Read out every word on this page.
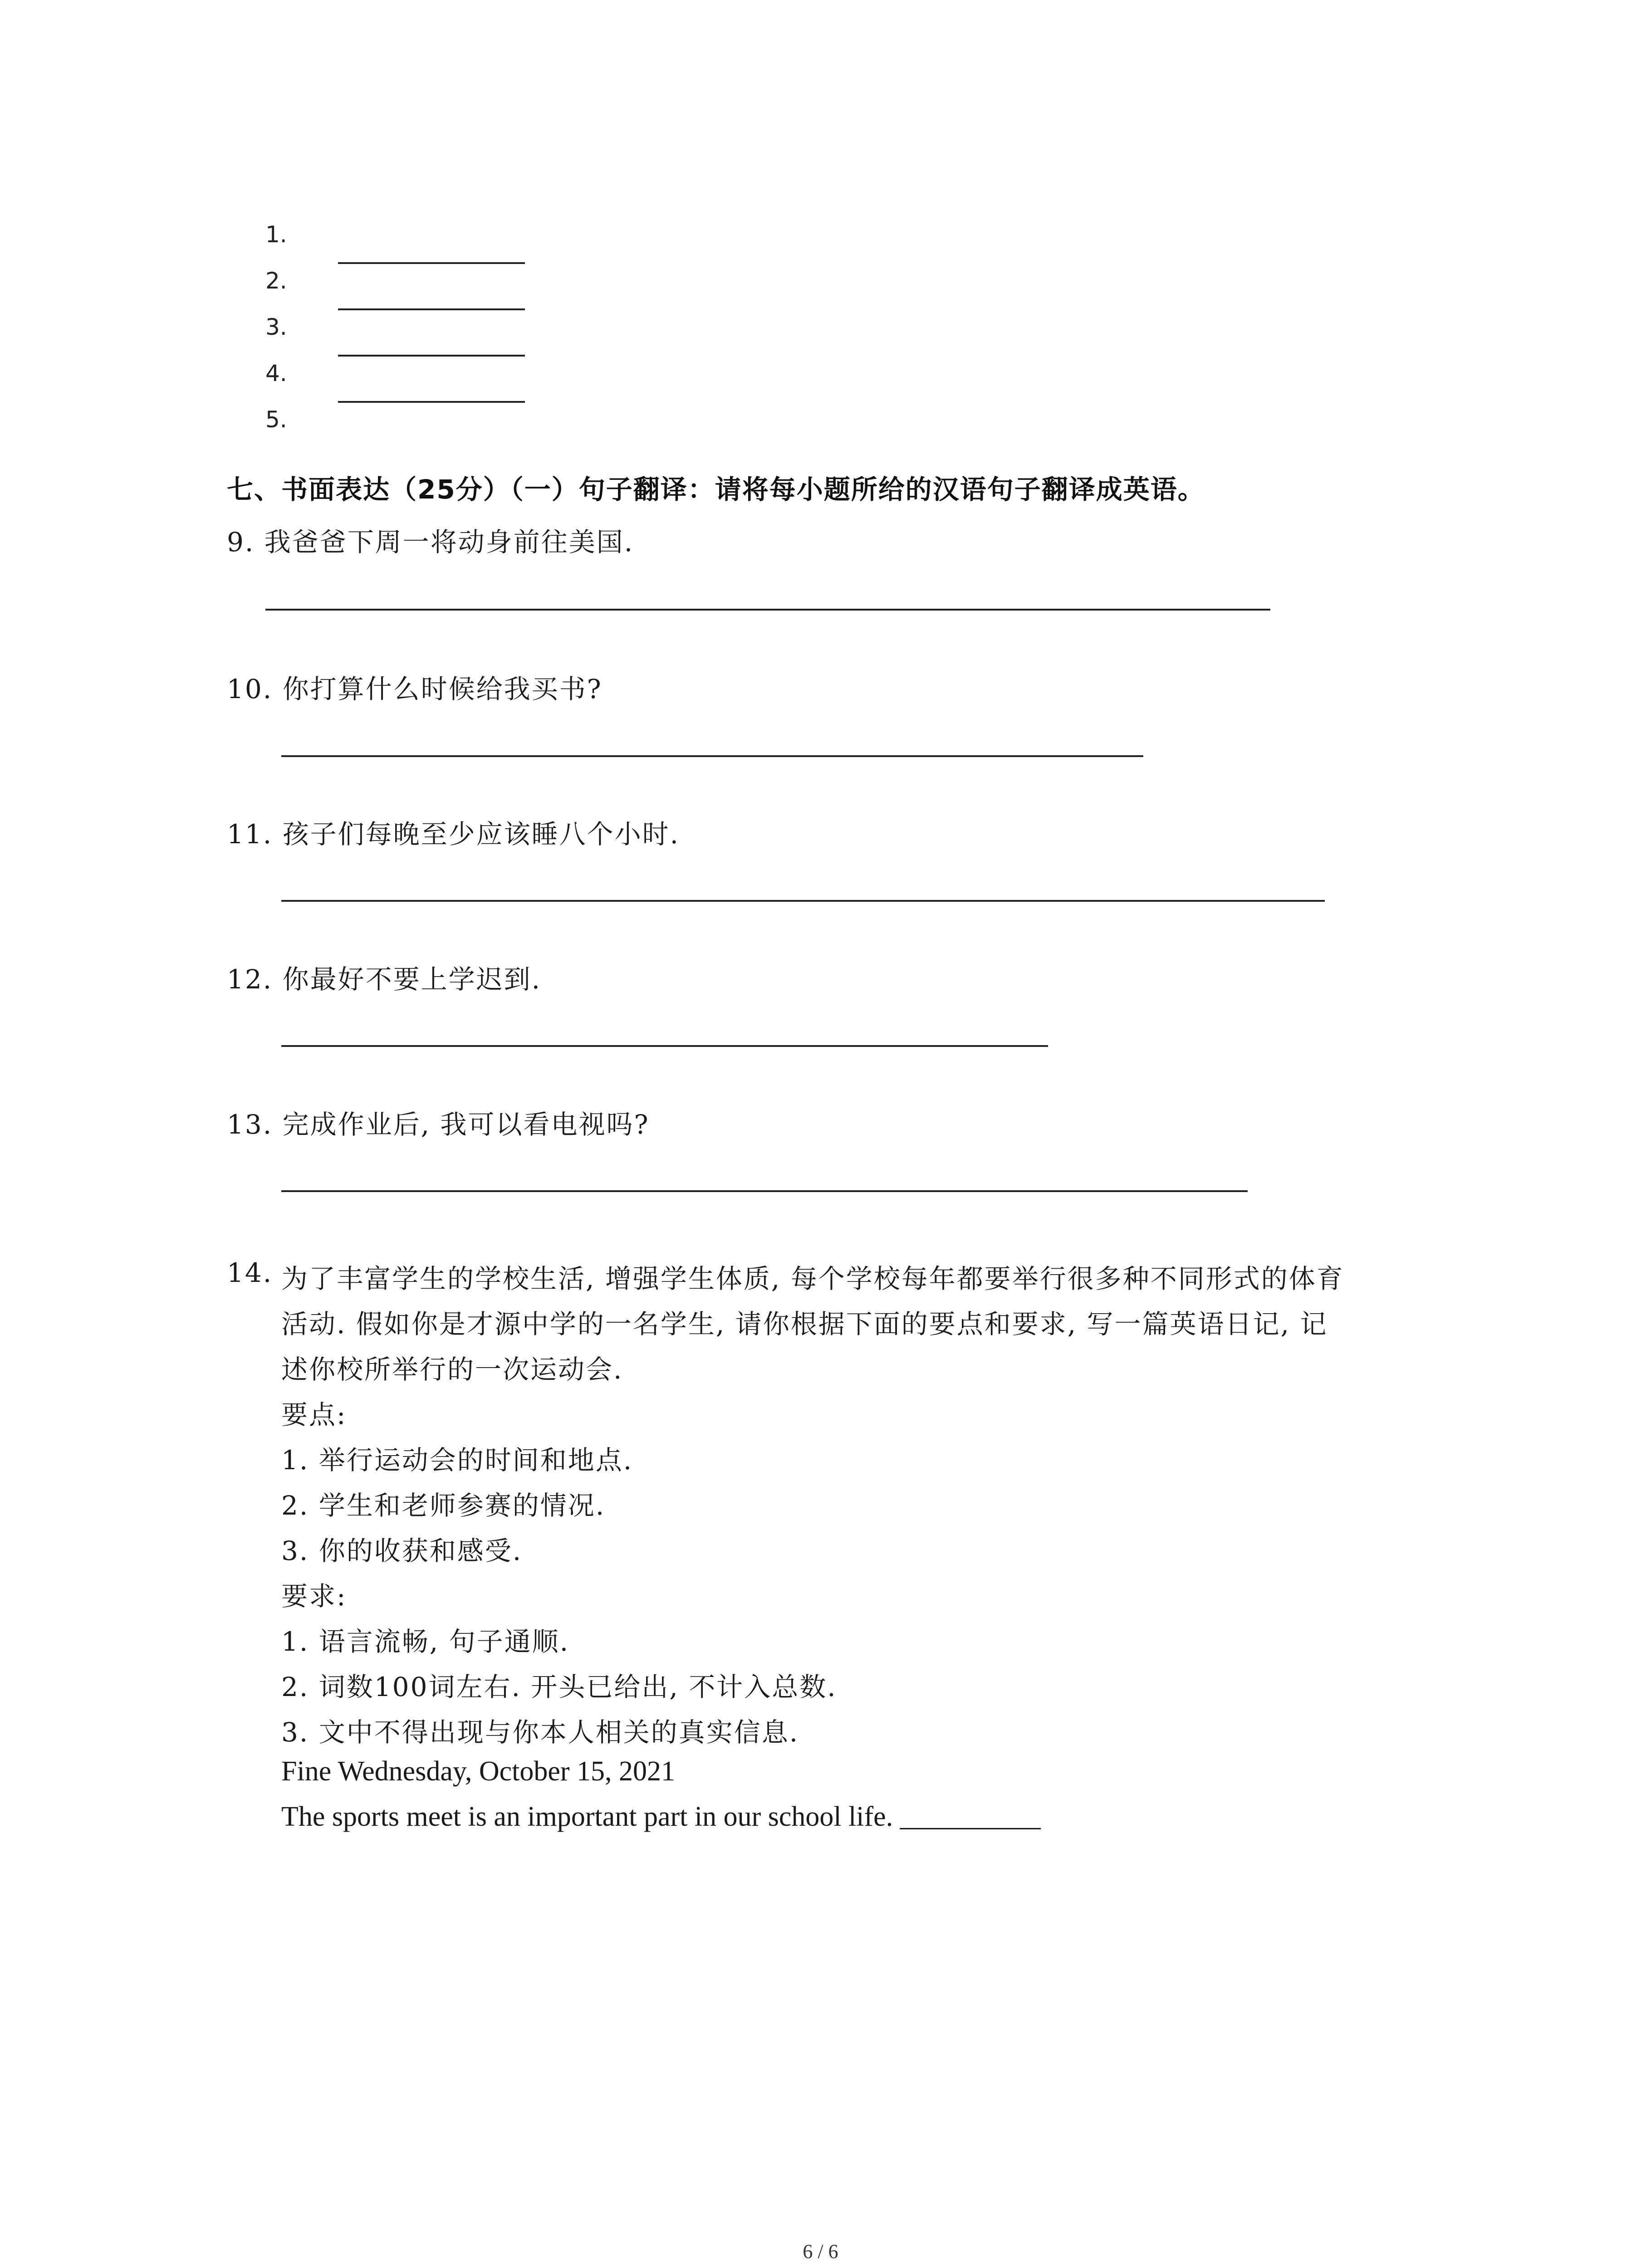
1.
2.
3.
4.
5.
七、书面表达（25分）（一）句子翻译：请将每小题所给的汉语句子翻译成英语。
9. 我爸爸下周一将动身前往美国.
10. 你打算什么时候给我买书?
11. 孩子们每晚至少应该睡八个小时.
12. 你最好不要上学迟到.
13. 完成作业后, 我可以看电视吗?
14. 为了丰富学生的学校生活, 增强学生体质, 每个学校每年都要举行很多种不同形式的体育
活动. 假如你是才源中学的一名学生, 请你根据下面的要点和要求, 写一篇英语日记, 记
述你校所举行的一次运动会.
要点:
1. 举行运动会的时间和地点.
2. 学生和老师参赛的情况.
3. 你的收获和感受.
要求:
1. 语言流畅, 句子通顺.
2. 词数100词左右. 开头已给出, 不计入总数.
3. 文中不得出现与你本人相关的真实信息.
Fine Wednesday, October 15, 2021
The sports meet is an important part in our school life. __________
6 / 6
